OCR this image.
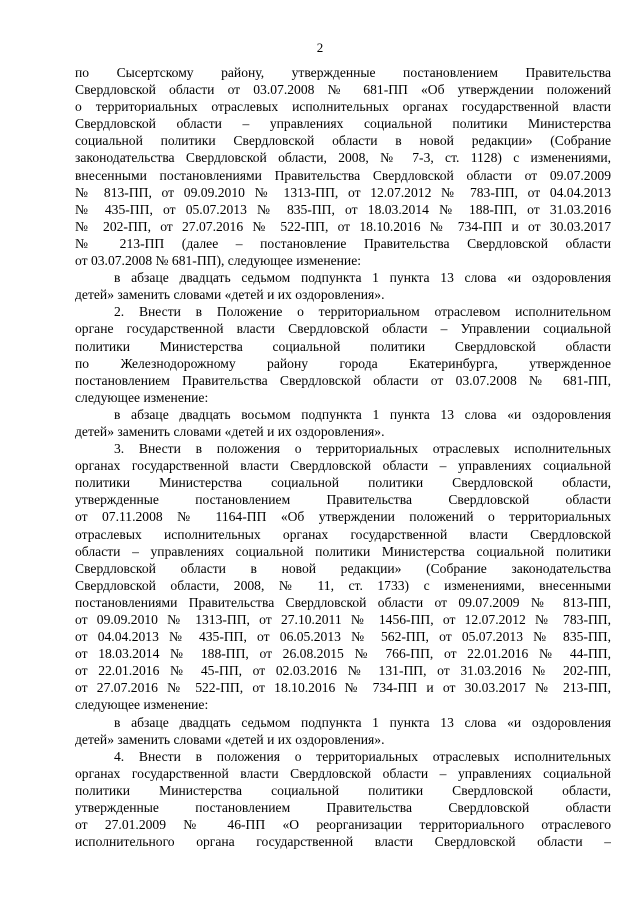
2
по Сысертскому району, утвержденные постановлением Правительства
Свердловской области от 03.07.2008 № 681-ПП «Об утверждении положений
о территориальных отраслевых исполнительных органах государственной власти
Свердловской области – управлениях социальной политики Министерства
социальной политики Свердловской области в новой редакции» (Собрание
законодательства Свердловской области, 2008, № 7-3, ст. 1128) с изменениями,
внесенными постановлениями Правительства Свердловской области от 09.07.2009
№ 813-ПП, от 09.09.2010 № 1313-ПП, от 12.07.2012 № 783-ПП, от 04.04.2013
№ 435-ПП, от 05.07.2013 № 835-ПП, от 18.03.2014 № 188-ПП, от 31.03.2016
№ 202-ПП, от 27.07.2016 № 522-ПП, от 18.10.2016 № 734-ПП и от 30.03.2017
№ 213-ПП (далее – постановление Правительства Свердловской области
от 03.07.2008 № 681-ПП), следующее изменение:
в абзаце двадцать седьмом подпункта 1 пункта 13 слова «и оздоровления
детей» заменить словами «детей и их оздоровления».
2. Внести в Положение о территориальном отраслевом исполнительном
органе государственной власти Свердловской области – Управлении социальной
политики Министерства социальной политики Свердловской области
по Железнодорожному району города Екатеринбурга, утвержденное
постановлением Правительства Свердловской области от 03.07.2008 № 681-ПП,
следующее изменение:
в абзаце двадцать восьмом подпункта 1 пункта 13 слова «и оздоровления
детей» заменить словами «детей и их оздоровления».
3. Внести в положения о территориальных отраслевых исполнительных
органах государственной власти Свердловской области – управлениях социальной
политики Министерства социальной политики Свердловской области,
утвержденные постановлением Правительства Свердловской области
от 07.11.2008 № 1164-ПП «Об утверждении положений о территориальных
отраслевых исполнительных органах государственной власти Свердловской
области – управлениях социальной политики Министерства социальной политики
Свердловской области в новой редакции» (Собрание законодательства
Свердловской области, 2008, № 11, ст. 1733) с изменениями, внесенными
постановлениями Правительства Свердловской области от 09.07.2009 № 813-ПП,
от 09.09.2010 № 1313-ПП, от 27.10.2011 № 1456-ПП, от 12.07.2012 № 783-ПП,
от 04.04.2013 № 435-ПП, от 06.05.2013 № 562-ПП, от 05.07.2013 № 835-ПП,
от 18.03.2014 № 188-ПП, от 26.08.2015 № 766-ПП, от 22.01.2016 № 44-ПП,
от 22.01.2016 № 45-ПП, от 02.03.2016 № 131-ПП, от 31.03.2016 № 202-ПП,
от 27.07.2016 № 522-ПП, от 18.10.2016 № 734-ПП и от 30.03.2017 № 213-ПП,
следующее изменение:
в абзаце двадцать седьмом подпункта 1 пункта 13 слова «и оздоровления
детей» заменить словами «детей и их оздоровления».
4. Внести в положения о территориальных отраслевых исполнительных
органах государственной власти Свердловской области – управлениях социальной
политики Министерства социальной политики Свердловской области,
утвержденные постановлением Правительства Свердловской области
от 27.01.2009 № 46-ПП «О реорганизации территориального отраслевого
исполнительного органа государственной власти Свердловской области –
